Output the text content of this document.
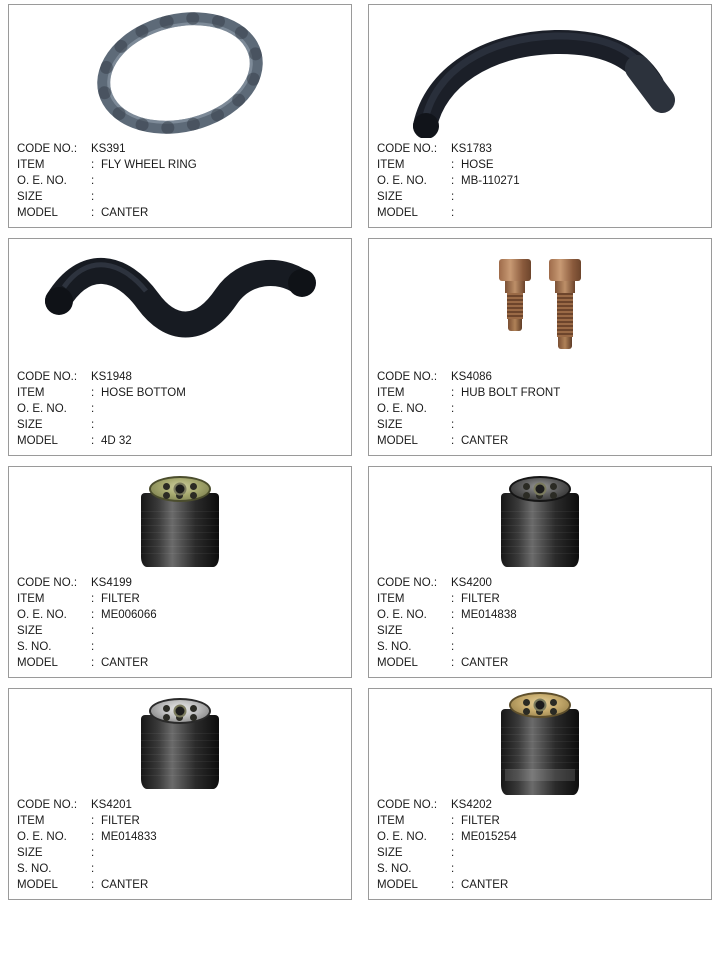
CODE NO.:	KS391
ITEM	: FLY WHEEL RING
O. E. NO.	:
SIZE	:
MODEL	: CANTER
CODE NO.:	KS1783
ITEM	: HOSE
O. E. NO.	: MB-110271
SIZE	:
MODEL	:
CODE NO.:	KS1948
ITEM	: HOSE BOTTOM
O. E. NO.	:
SIZE	:
MODEL	: 4D 32
CODE NO.:	KS4086
ITEM	: HUB BOLT FRONT
O. E. NO.	:
SIZE	:
MODEL	: CANTER
CODE NO.:	KS4199
ITEM	: FILTER
O. E. NO.	: ME006066
SIZE	:
S. NO.	:
MODEL	: CANTER
CODE NO.:	KS4200
ITEM	: FILTER
O. E. NO.	: ME014838
SIZE	:
S. NO.	:
MODEL	: CANTER
CODE NO.:	KS4201
ITEM	: FILTER
O. E. NO.	: ME014833
SIZE	:
S. NO.	:
MODEL	: CANTER
CODE NO.:	KS4202
ITEM	: FILTER
O. E. NO.	: ME015254
SIZE	:
S. NO.	:
MODEL	: CANTER
